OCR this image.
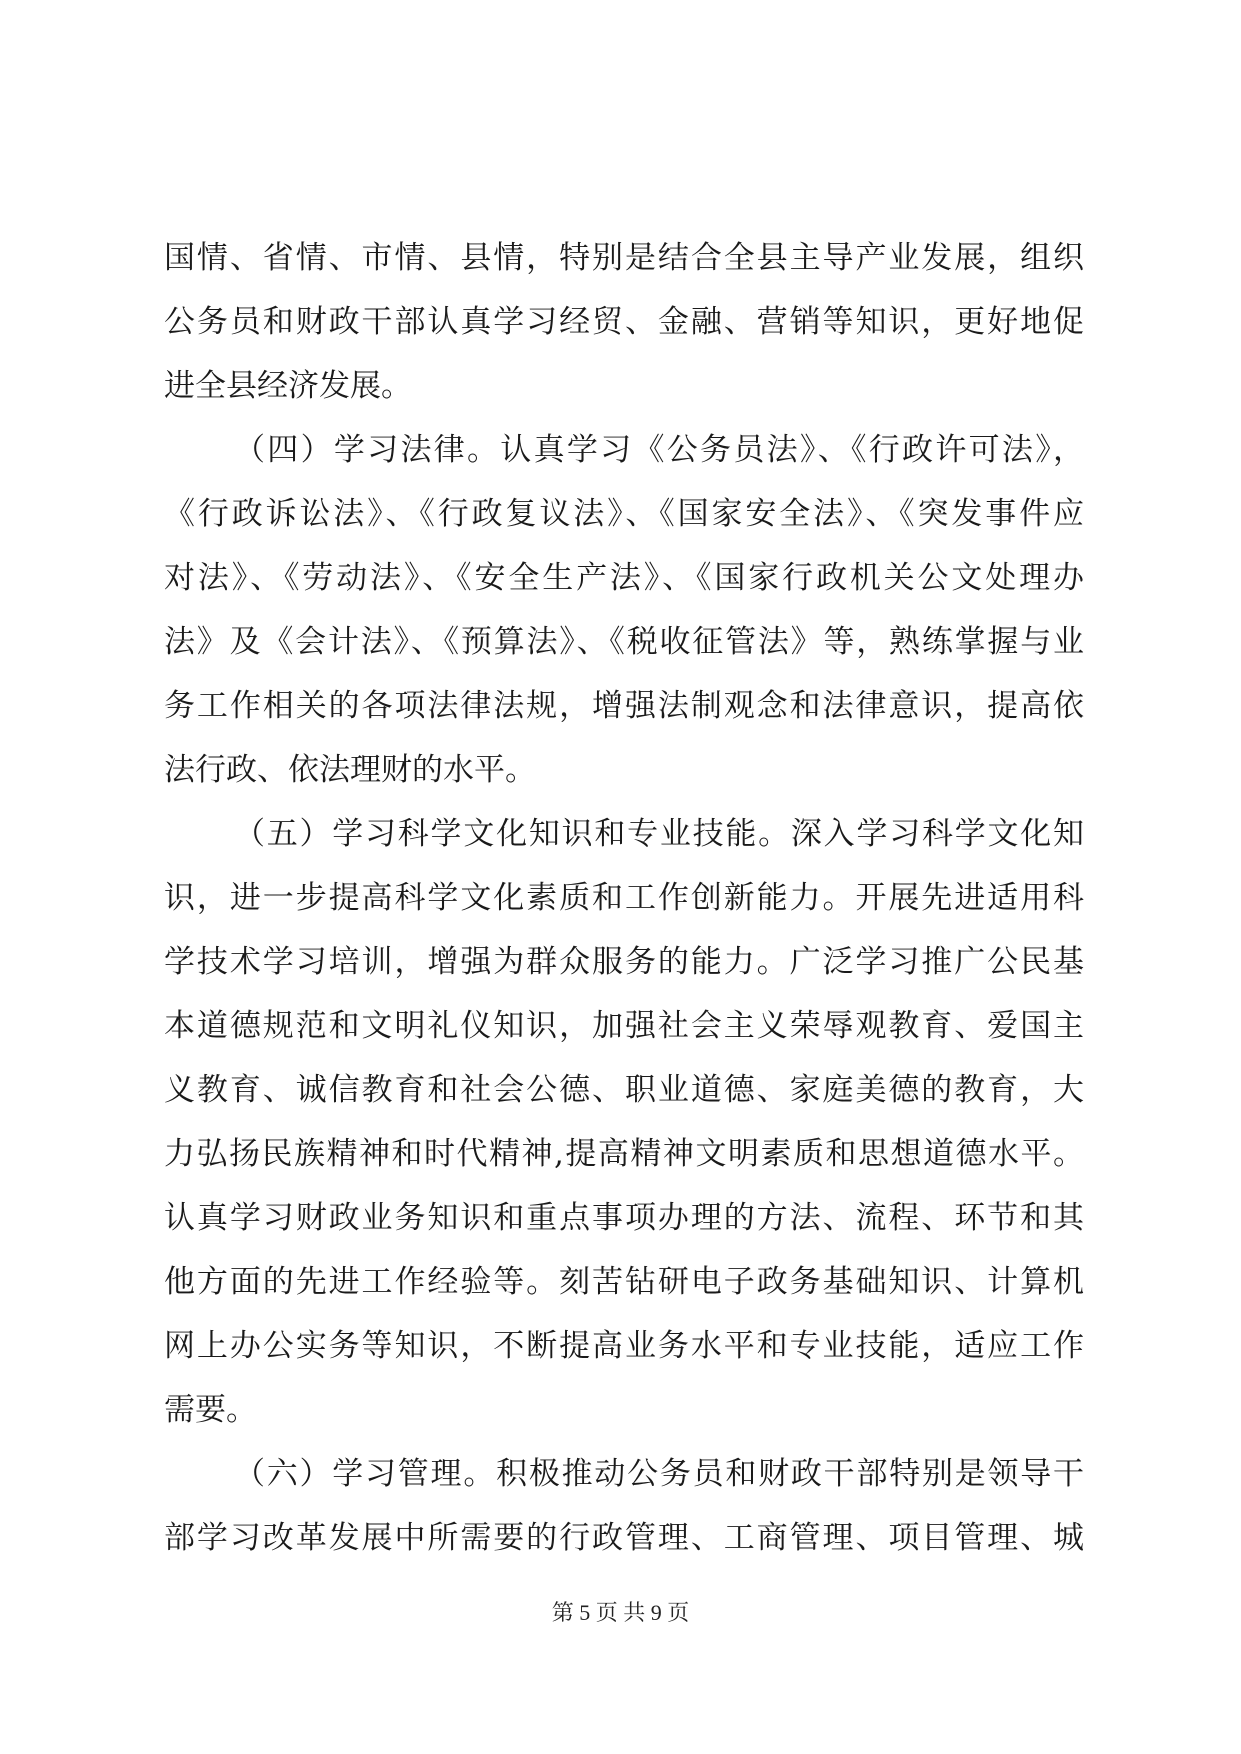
国情、省情、市情、县情，特别是结合全县主导产业发展，组织
公务员和财政干部认真学习经贸、金融、营销等知识，更好地促
进全县经济发展。
（四）学习法律。认真学习《公务员法》、《行政许可法》，
《行政诉讼法》、《行政复议法》、《国家安全法》、《突发事件应
对法》、《劳动法》、《安全生产法》、《国家行政机关公文处理办
法》及《会计法》、《预算法》、《税收征管法》等，熟练掌握与业
务工作相关的各项法律法规，增强法制观念和法律意识，提高依
法行政、依法理财的水平。
（五）学习科学文化知识和专业技能。深入学习科学文化知
识，进一步提高科学文化素质和工作创新能力。开展先进适用科
学技术学习培训，增强为群众服务的能力。广泛学习推广公民基
本道德规范和文明礼仪知识，加强社会主义荣辱观教育、爱国主
义教育、诚信教育和社会公德、职业道德、家庭美德的教育，大
力弘扬民族精神和时代精神,提高精神文明素质和思想道德水平。
认真学习财政业务知识和重点事项办理的方法、流程、环节和其
他方面的先进工作经验等。刻苦钻研电子政务基础知识、计算机
网上办公实务等知识，不断提高业务水平和专业技能，适应工作
需要。
（六）学习管理。积极推动公务员和财政干部特别是领导干
部学习改革发展中所需要的行政管理、工商管理、项目管理、城
第 5 页 共 9 页
